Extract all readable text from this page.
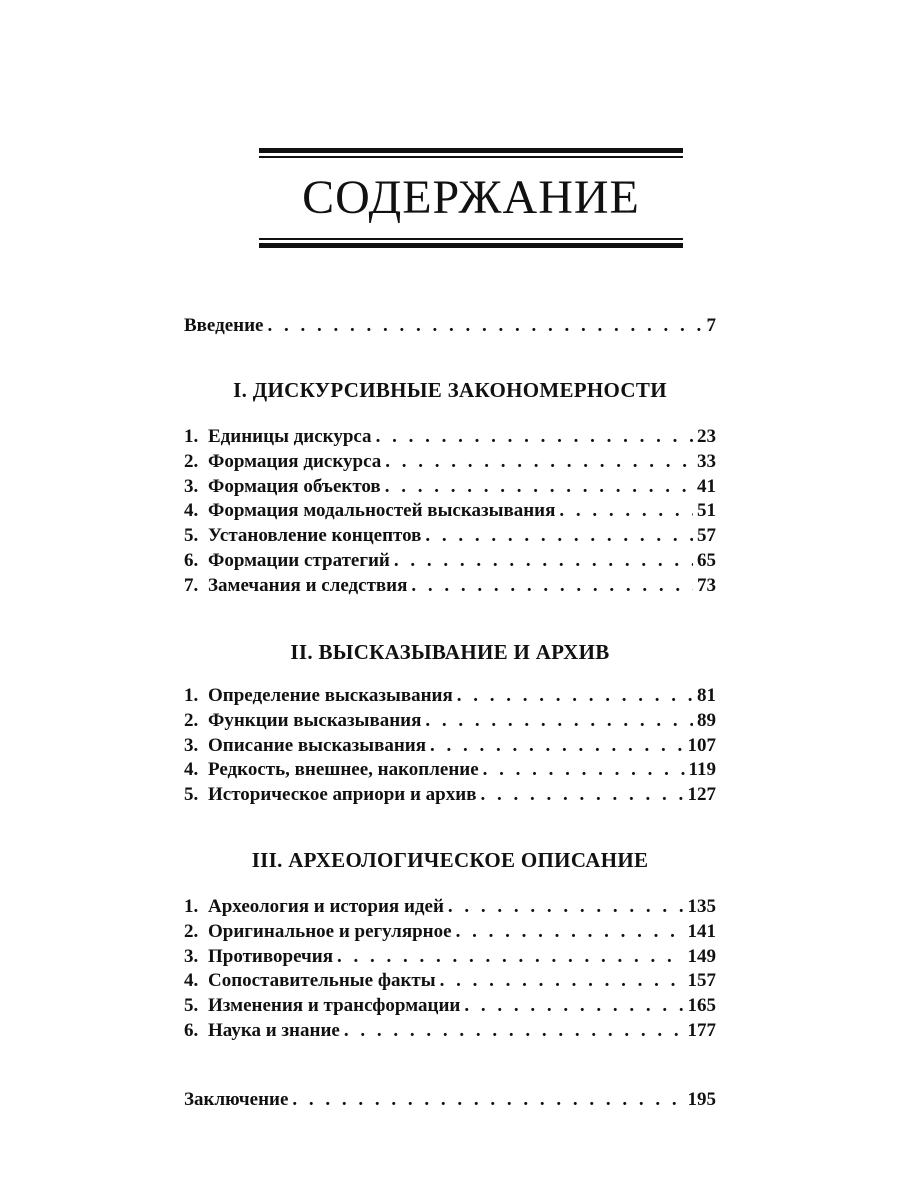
СОДЕРЖАНИЕ
Введение . . .	7
I. ДИСКУРСИВНЫЕ ЗАКОНОМЕРНОСТИ
1. Единицы дискурса . . .	23
2. Формация дискурса . . .	33
3. Формация объектов . . .	41
4. Формация модальностей высказывания . . .	51
5. Установление концептов . . .	57
6. Формации стратегий . . .	65
7. Замечания и следствия . . .	73
II. ВЫСКАЗЫВАНИЕ И АРХИВ
1. Определение высказывания . . .	81
2. Функции высказывания . . .	89
3. Описание высказывания . . .	107
4. Редкость, внешнее, накопление . . .	119
5. Историческое априори и архив . . .	127
III. АРХЕОЛОГИЧЕСКОЕ ОПИСАНИЕ
1. Археология и история идей . . .	135
2. Оригинальное и регулярное . . .	141
3. Противоречия . . .	149
4. Сопоставительные факты . . .	157
5. Изменения и трансформации . . .	165
6. Наука и знание . . .	177
Заключение . . .	195
